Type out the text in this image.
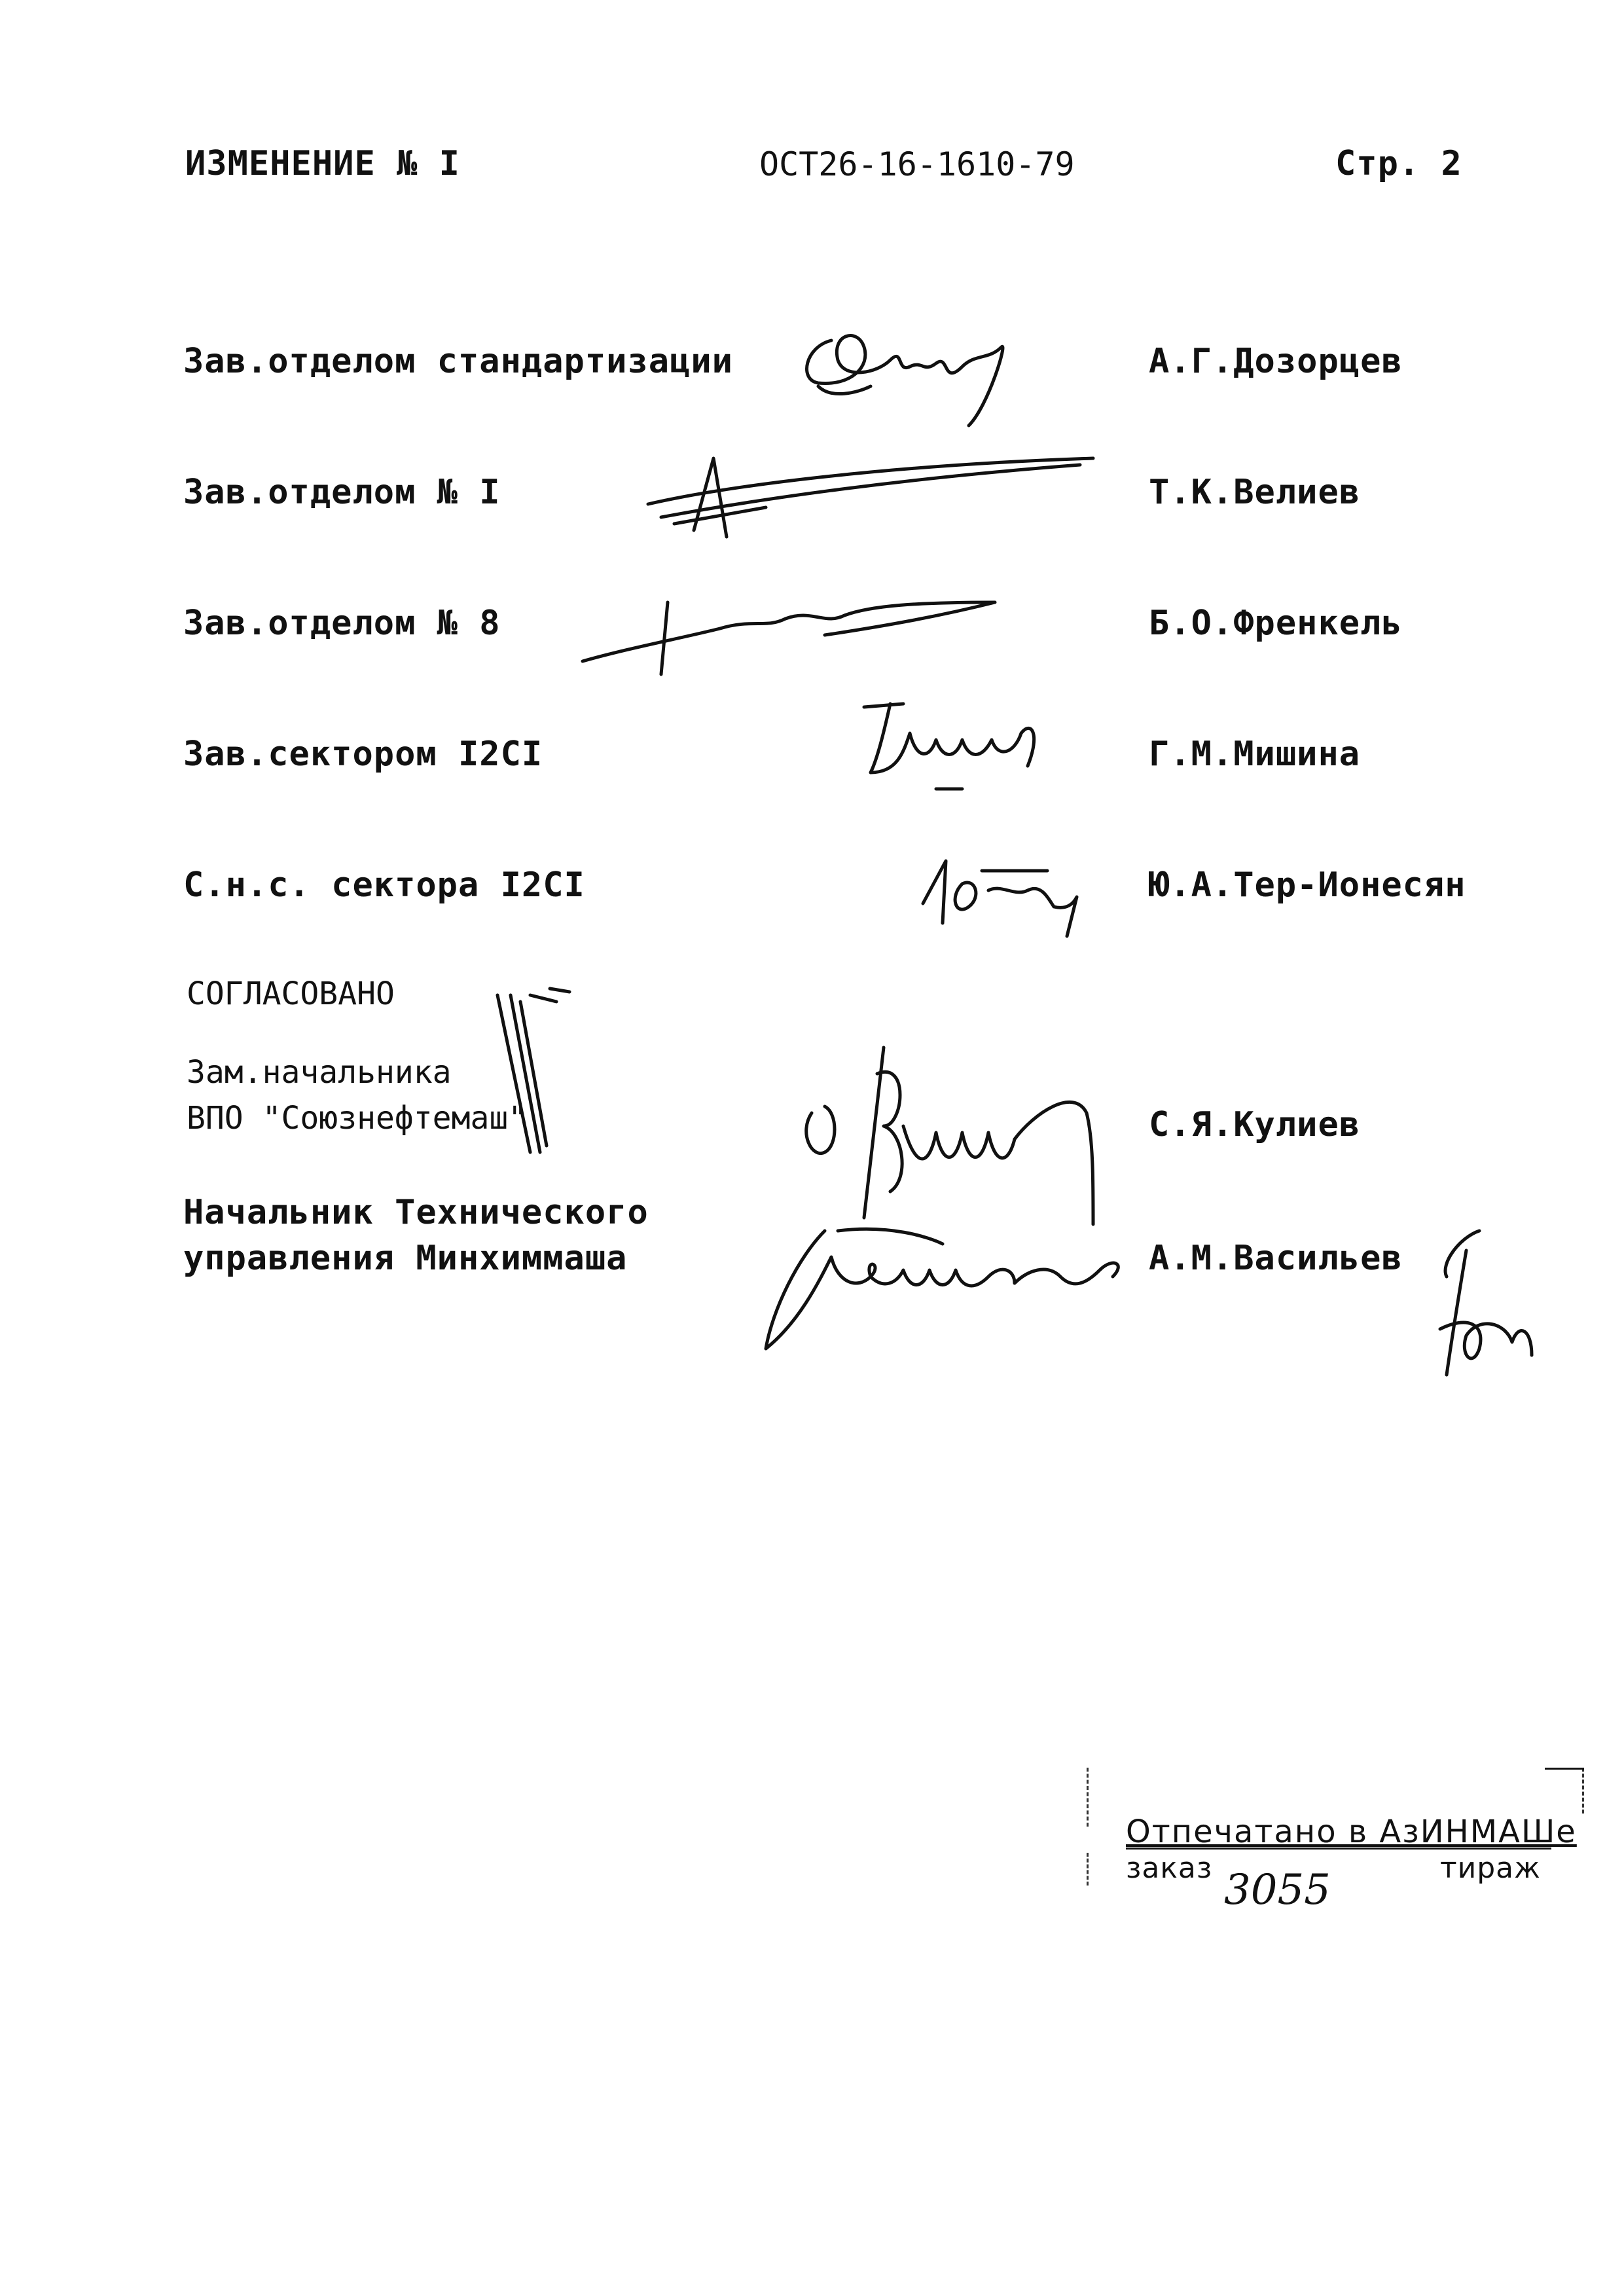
ИЗМЕНЕНИЕ № I	ОСТ26-16-1610-79	Стр. 2
Зав.отделом стандартизации	А.Г.Дозорцев
Зав.отделом № I	Т.К.Велиев
Зав.отделом № 8	Б.О.Френкель
Зав.сектором I2CI	Г.М.Мишина
С.н.с. сектора I2CI	Ю.А.Тер-Ионесян
СОГЛАСОВАНО
Зам.начальника
ВПО "Союзнефтемаш"	С.Я.Кулиев
Начальник Технического
управления Минхиммаша	А.М.Васильев
Отпечатано в АзИНМАШе
заказ	тираж
3055
